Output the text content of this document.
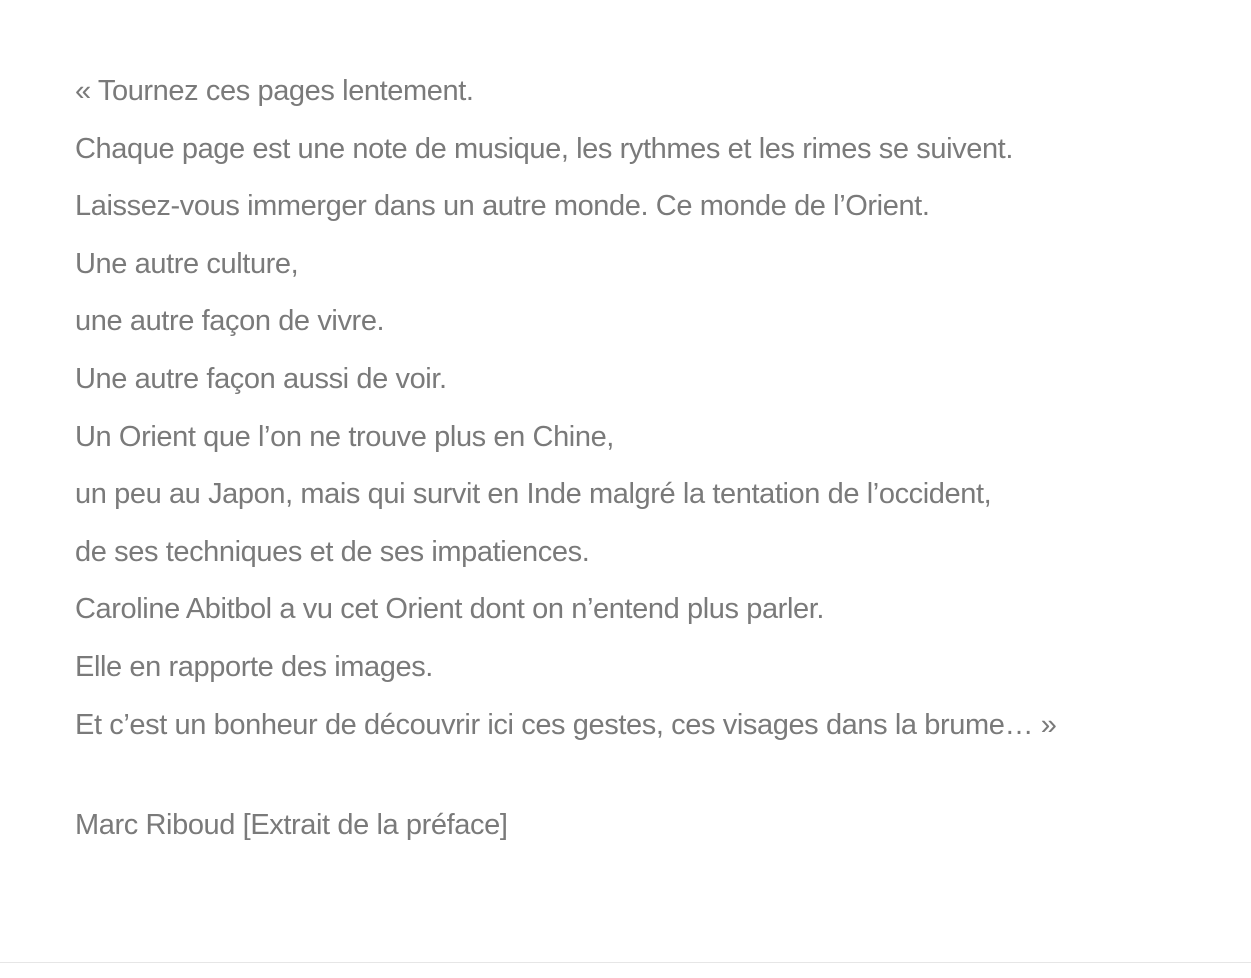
« Tournez ces pages lentement.
Chaque page est une note de musique, les rythmes et les rimes se suivent.
Laissez-vous immerger dans un autre monde. Ce monde de l’Orient.
Une autre culture,
une autre façon de vivre.
Une autre façon aussi de voir.
Un Orient que l’on ne trouve plus en Chine,
un peu au Japon, mais qui survit en Inde malgré la tentation de l’occident,
de ses techniques et de ses impatiences.
Caroline Abitbol a vu cet Orient dont on n’entend plus parler.
Elle en rapporte des images.
Et c’est un bonheur de découvrir ici ces gestes, ces visages dans la brume… »
Marc Riboud [Extrait de la préface]
